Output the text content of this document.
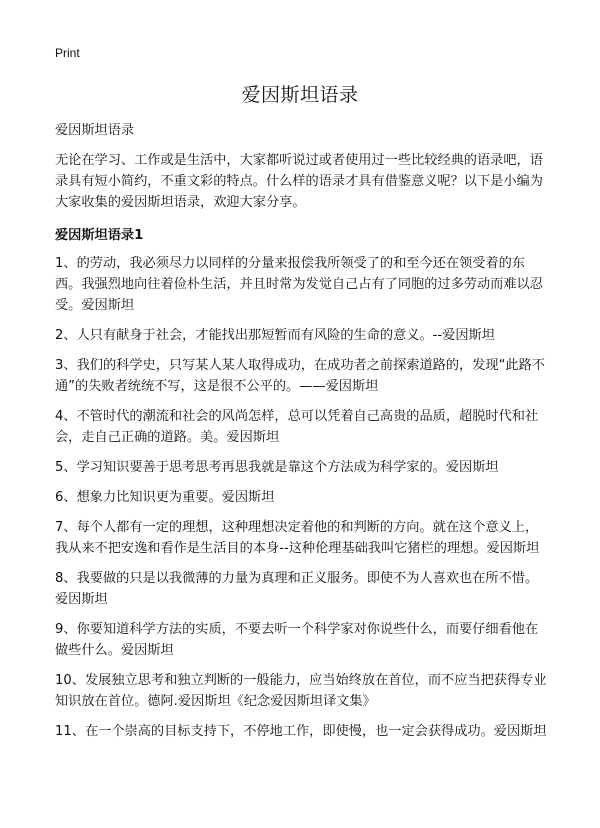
Print
爱因斯坦语录

爱因斯坦语录

无论在学习、工作或是生活中，大家都听说过或者使用过一些比较经典的语录吧，语录具有短小简约，不重文彩的特点。什么样的语录才具有借鉴意义呢？以下是小编为大家收集的爱因斯坦语录，欢迎大家分享。

爱因斯坦语录1

1、的劳动，我必须尽力以同样的分量来报偿我所领受了的和至今还在领受着的东西。我强烈地向往着俭朴生活，并且时常为发觉自己占有了同胞的过多劳动而难以忍受。爱因斯坦

2、人只有献身于社会，才能找出那短暂而有风险的生命的意义。--爱因斯坦

3、我们的科学史，只写某人某人取得成功，在成功者之前探索道路的，发现“此路不通”的失败者统统不写，这是很不公平的。——爱因斯坦

4、不管时代的潮流和社会的风尚怎样，总可以凭着自己高贵的品质，超脱时代和社会，走自己正确的道路。美。爱因斯坦

5、学习知识要善于思考思考再思我就是靠这个方法成为科学家的。爱因斯坦

6、想象力比知识更为重要。爱因斯坦

7、每个人都有一定的理想，这种理想决定着他的和判断的方向。就在这个意义上，我从来不把安逸和看作是生活目的本身--这种伦理基础我叫它猪栏的理想。爱因斯坦

8、我要做的只是以我微薄的力量为真理和正义服务。即使不为人喜欢也在所不惜。爱因斯坦

9、你要知道科学方法的实质，不要去听一个科学家对你说些什么，而要仔细看他在做些什么。爱因斯坦

10、发展独立思考和独立判断的一般能力，应当始终放在首位，而不应当把获得专业知识放在首位。德阿.爱因斯坦《纪念爱因斯坦译文集》

11、在一个崇高的目标支持下，不停地工作，即使慢，也一定会获得成功。爱因斯坦
